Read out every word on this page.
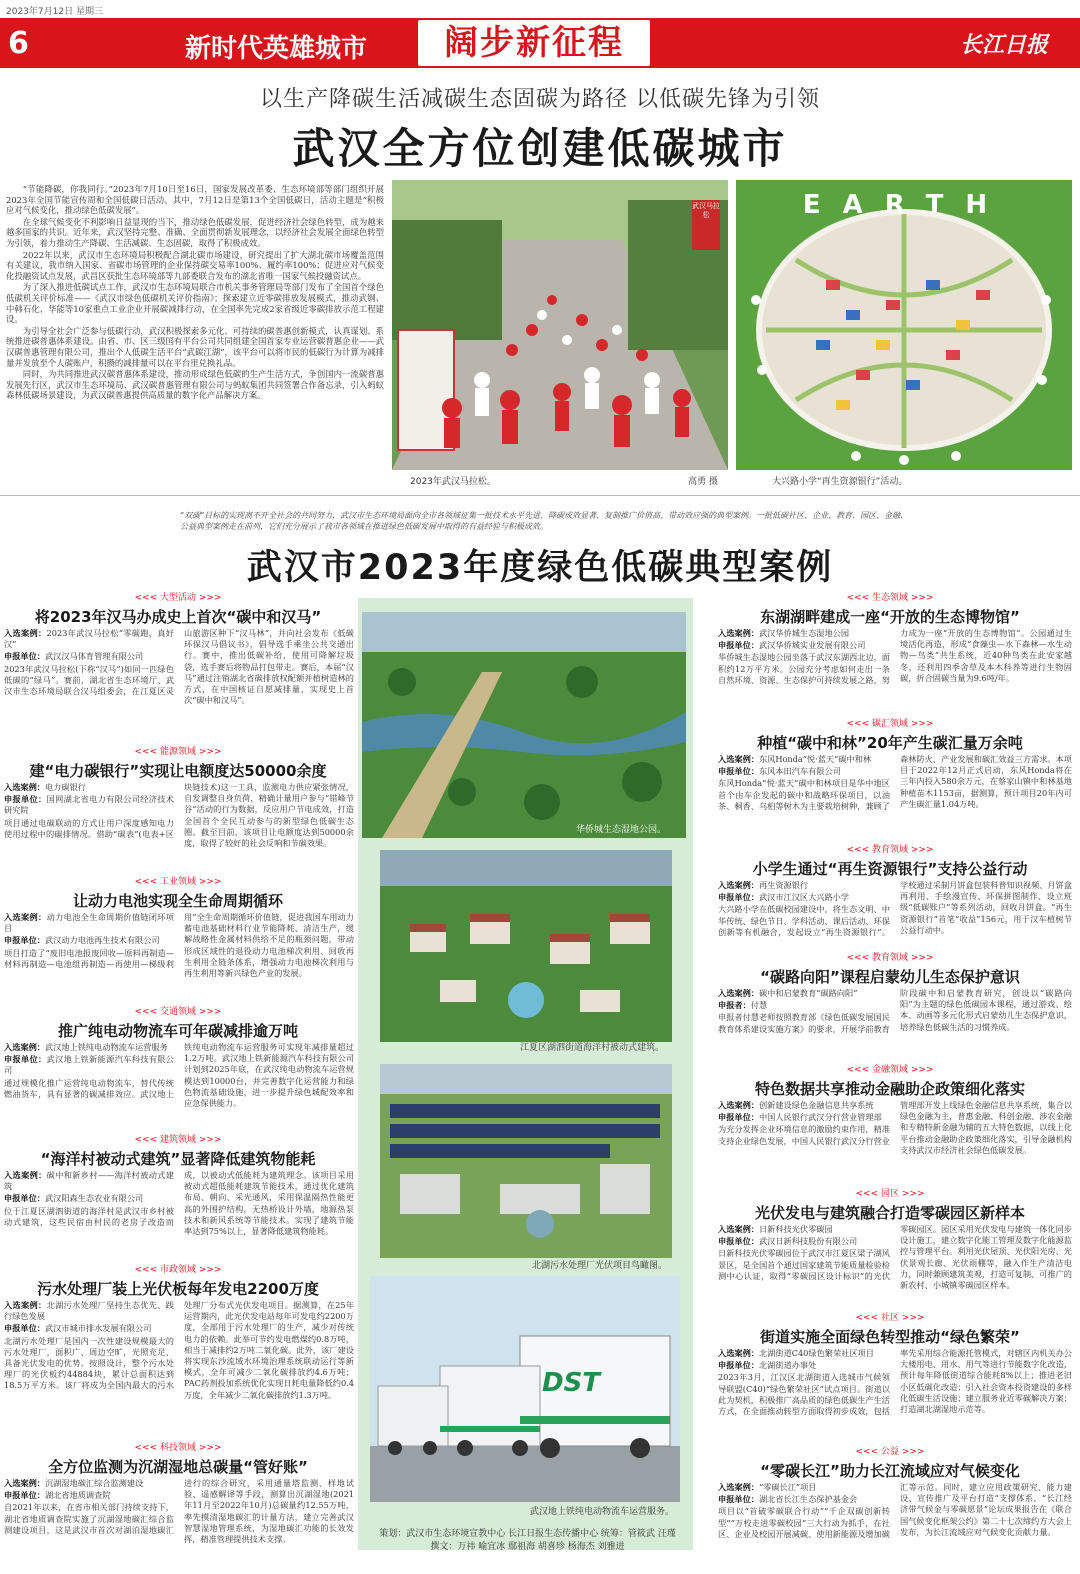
2023年7月12日 星期三
6	新时代英雄城市	阔步新征程	长江日报
以生产降碳生活减碳生态固碳为路径 以低碳先锋为引领
武汉全方位创建低碳城市

“节能降碳，你我同行。”2023年7月10日至16日，国家发展改革委、生态环境部等部门组织开展2023年全国节能宣传周和全国低碳日活动。其中，7月12日是第13个全国低碳日，活动主题是“积极应对气候变化，推动绿色低碳发展”。

在全球气候变化不利影响日益显现的当下，推动绿色低碳发展，促进经济社会绿色转型，成为越来越多国家的共识。近年来，武汉坚持完整、准确、全面贯彻新发展理念，以经济社会发展全面绿色转型为引领，着力推动生产降碳、生活减碳、生态固碳，取得了积极成效。

2022年以来，武汉市生态环境局积极配合湖北碳市场建设，研究提出了扩大湖北碳市场覆盖范围有关建议，我市纳入国家、省碳市场管理的企业保持碳交易率100%、履约率100%；促进应对气候变化投融资试点发展，武昌区获批生态环境部等九部委联合发布的湖北省唯一国家气候投融资试点。

为了深入推进低碳试点工作，武汉市生态环境局联合市机关事务管理局等部门发布了全国首个绿色低碳机关评价标准——《武汉市绿色低碳机关评价指南》；探索建立近零碳排放发展模式，推动武钢、中韩石化、华能等10家重点工业企业开展碳减排行动，在全国率先完成2家省级近零碳排放示范工程建设。

为引导全社会广泛参与低碳行动，武汉积极探索多元化、可持续的碳普惠创新模式，认真谋划、系统推进碳普惠体系建设。由省、市、区三级国有平台公司共同组建全国首家专业运营碳普惠企业——武汉碳普惠管理有限公司，推出个人低碳生活平台“武碳江湖”，该平台可以将市民的低碳行为计算为减排量并发放至个人碳账户，积攒的减排量可以在平台里兑换礼品。

同时，为共同推进武汉碳普惠体系建设，推动形成绿色低碳的生产生活方式，争创国内一流碳普惠发展先行区，武汉市生态环境局、武汉碳普惠管理有限公司与蚂蚁集团共同签署合作备忘录，引入蚂蚁森林低碳场景建设，为武汉碳普惠提供高质量的数字化产品解决方案。

武汉马拉松
2023年武汉马拉松。	高勇 摄
EARTH
大兴路小学“再生资源银行”活动。
“双碳”目标的实现离不开全社会的共同努力，武汉市生态环境局面向全市各领域征集一批技术水平先进、降碳成效显著、复制推广价值高、带动效应强的典型案例。一批低碳社区、企业、教育、园区、金融、公益典型案例走在前列，它们充分展示了我市各领域在推进绿色低碳发展中取得的有益经验与积极成效。
武汉市2023年度绿色低碳典型案例
华侨城生态湿地公园。
江夏区湖泗街道海洋村被动式建筑。
北湖污水处理厂光伏项目鸟瞰图。
DST
武汉地上铁纯电动物流车运营服务。
策划：武汉市生态环境宣教中心 长江日报生态传播中心 统筹：管筱武 汪瑾
撰文：万祎 喻宜冰 鄢祖海 胡喜珍 杨海杰 刘雅进
<<< 大型活动 >>>
将2023年汉马办成史上首次“碳中和汉马”

入选案例：2023年武汉马拉松“零碳跑，真好汉”

申报单位：武汉汉马体育管理有限公司

2023年武汉马拉松(下称“汉马”)如同一匹绿色低碳的“绿马”。赛前，湖北省生态环境厅、武汉市生态环境局联合汉马组委会，在江夏区灵山旅游区种下“汉马林”，并向社会发布《低碳环保汉马倡议书》，倡导选手乘坐公共交通出行。赛中，推出低碳补给，使用可降解垃圾袋，选手赛后将物品打包带走。赛后，本届“汉马”通过注销湖北省碳排放权配额并植树造林的方式，在中国核证自愿减排量，实现史上首次“碳中和汉马”。

<<< 能源领域 >>>
建“电力碳银行”实现让电额度达50000余度

入选案例：电力碳银行

申报单位：国网湖北省电力有限公司经济技术研究院

项目通过电碳联动的方式让用户深度感知电力使用过程中的碳排情况。借助“碳表”(电表+区块链技术)这一工具，监测电力供应紧张情况，自发调整自身负荷，精确计量用户参与“错峰节谷”活动的行为数据，反应用户节电成效，打造全国首个全民互动参与的新型绿色低碳生态圈。截至目前，该项目让电额度达到50000余度，取得了较好的社会反响和节碳效果。

<<< 工业领域 >>>
让动力电池实现全生命周期循环

入选案例：动力电池全生命周期价值链闭环项目

申报单位：武汉动力电池再生技术有限公司

项目打造了“废旧电池报废回收—原料再制造—材料再制造—电池组再制造—再使用—梯级利用”全生命周期循环价值链，促进我国车用动力蓄电池基础材料行业节能降耗、清洁生产，缓解战略性金属材料供给不足的瓶颈问题，带动形成区域性的退役动力电池梯次利用、回收再生利用全链条体系，增强动力电池梯次利用与再生利用等新兴绿色产业的发展。

<<< 交通领域 >>>
推广纯电动物流车可年碳减排逾万吨

入选案例：武汉地上铁纯电动物流车运营服务

申报单位：武汉地上铁新能源汽车科技有限公司

通过规模化推广运营纯电动物流车，替代传统燃油货车，具有显著的碳减排效应。武汉地上铁纯电动物流车运营服务可实现年减排量超过1.2万吨。武汉地上铁新能源汽车科技有限公司计划到2025年底，在武汉纯电动物流车运营规模达到10000台，并完善数字化运营能力和绿色物流基础设施，进一步提升绿色城配效率和应急保供能力。

<<< 建筑领域 >>>
“海洋村被动式建筑”显著降低建筑物能耗

入选案例：碳中和新乡村——海洋村被动式建筑

申报单位：武汉阳森生态农业有限公司

位于江夏区湖泗街道的海洋村是武汉市乡村被动式建筑，这些民宿由村民的老房子改造而成，以被动式低能耗为建筑理念。该项目采用被动式超低能耗建筑节能技术，通过优化建筑布局、朝向、采光通风，采用保温隔热性能更高的外围护结构，无热桥设计外墙，地源热泵技术和新风系统等节能技术。实现了建筑节能率达到75%以上，显著降低建筑物能耗。

<<< 市政领域 >>>
污水处理厂装上光伏板每年发电2200万度

入选案例：北湖污水处理厂坚持生态优先、践行绿色发展

申报单位：武汉市城市排水发展有限公司

北湖污水处理厂是国内一次性建设规模最大的污水处理厂，面积广、周边空旷，光照充足，具备光伏发电的优势。按照设计，整个污水处理厂的光伏板约44884块，累计总面积达到18.5万平方米。该厂将成为全国内最大的污水处理厂分布式光伏发电项目。据测算，在25年运营期内，此光伏发电站每年可发电约2200万度，全部用于污水处理厂的生产，减少对传统电力的依赖。此举可节约发电燃煤约0.8万吨，相当于减排约2万吨二氧化碳。此外，该厂建设将实现东沙流域水环境治理系统联动运行等新模式，全年可减少二氧化碳排放约4.6万吨；PAC药剂投加系统优化实现日耗电量降低约0.4万度，全年减少二氧化碳排放约1.3万吨。

<<< 科技领域 >>>
全方位监测为沉湖湿地总碳量“管好账”

入选案例：沉湖湿地碳汇综合监测建设

申报单位：湖北省地质调查院

自2021年以来，在省市相关部门持续支持下，湖北省地质调查院实施了沉湖湿地碳汇综合监测建设项目，这是武汉市首次对湖泊湿地碳汇进行的综合研究，采用通量塔监测、样地试验、遥感解译等手段，测算出沉湖湿地(2021年11月至2022年10月)总碳量约12.55万吨，率先摸清湿地碳汇的计量方法，建立完善武汉智慧湿地管理系统，为湿地碳汇功能的长效发挥，精准管理提供技术支撑。

<<< 生态领域 >>>
东湖湖畔建成一座“开放的生态博物馆”

入选案例：武汉华侨城生态湿地公园

申报单位：武汉华侨城实业发展有限公司

华侨城生态湿地公园坐落于武汉东湖西北边，面积约12万平方米。公园充分考虑如何走出一条自然环境、资源、生态保护可持续发展之路，努力成为一座“开放的生态博物馆”。公园通过生境活化再造，形成“食藻虫—水下森林—水生动物—鸟类”共生系统，近40种鸟类在此安家越冬，还利用四季舍草及本木科养等进行生物固碳，折合固碳当量为9.6吨/年。

<<< 碳汇领域 >>>
种植“碳中和林”20年产生碳汇量万余吨

入选案例：东风Honda“悦·蓝天”碳中和林

申报单位：东风本田汽车有限公司

东风Honda“悦·蓝天”碳中和林项目是华中地区首个由车企发起的碳中和战略环保项目，以油茶、桐香、乌桕等树木为主要栽培树种，兼顾了森林防火、产业发展和碳汇效益三方需求。本项目于2022年12月正式启动，东风Honda将在三年内投入580余万元，在蔡家山镇中和林基地种植苗木1153亩，据测算，预计项目20年内可产生碳汇量1.04万吨。

<<< 教育领域 >>>
小学生通过“再生资源银行”支持公益行动

入选案例：再生资源银行

申报单位：武汉市江汉区大兴路小学

大兴路小学在低碳校园建设中，将生态文明、中华传统、绿色节日、学科活动、课后活动、环保创新等有机融合，发起设立“再生资源银行”。学校通过采制月饼盒包装科普知识视频、月饼盒再利用、手绘漫宣传、环保拼图制作、设立班级“低碳账户”等系列活动，回收月饼盒。“再生资源银行”首笔“收益”156元，用于汉车植树节公益行动中。

<<< 教育领域 >>>
“碳路向阳”课程启蒙幼儿生态保护意识

入选案例：碳中和启蒙教育“碳路向阳”

申报者：付慧

申报者付慧老师按照教育部《绿色低碳发展国民教育体系建设实施方案》的要求，开展学前教育阶段碳中和启蒙教育研究，创设以“碳路向阳”为主题的绿色低碳园本课程，通过游戏、绘本、动画等多元化形式启蒙幼儿生态保护意识，培养绿色低碳生活的习惯养成。

<<< 金融领域 >>>
特色数据共享推动金融助企政策细化落实

入选案例：创新建设绿色金融信息共享系统

申报单位：中国人民银行武汉分行营业管理部

为充分发挥企业环境信息的激励约束作用，精准支持企业绿色发展，中国人民银行武汉分行营业管理部开发上线绿色金融信息共享系统，集合以绿色金融为主，普惠金融、科创金融、涉农金融和专精特新金融为辅的五大特色数据，以线上化平台推动金融助企政策细化落实，引导金融机构支持武汉市经济社会绿色低碳发展。

<<< 园区 >>>
光伏发电与建筑融合打造零碳园区新样本

入选案例：日新科技光伏零碳园

申报单位：武汉日新科技股份有限公司

日新科技光伏零碳园位于武汉市江夏区梁子湖风景区，是全国首个通过国家建筑节能质量检验检测中心认证，取得“零碳园区设计标识”的光伏零碳园区。园区采用光伏发电与建筑一体化同步设计施工，建立数字化能工管理及数字化能源监控与管理平台。利用光伏屋顶、光伏阳光房、光伏景观长廊、光伏雨棚等，融入作生产清洁电力，同时兼顾建筑美观，打造可复制、可推广的新农村、小城镇零碳园区样本。

<<< 社区 >>>
街道实施全面绿色转型推动“绿色繁荣”

入选案例：北湖街道C40绿色繁荣社区项目

申报单位：北湖街道办事处

2023年3月，江汉区北湖街道入选城市气候领导联盟(C40)“绿色繁荣社区”试点项目。街道以此为契机，积极推广高品质的绿色低碳生产生活方式，在全面推动转型方面取得初步成效，包括率先采用综合能源托管模式，对辖区内机关办公大楼用电、用水、用气等进行节能数字化改造，预计每年降低街道综合能耗8%以上；推进老旧小区低碳化改造；引入社会资本投资建设的多样化低碳生活设施；建立服务业近零碳解决方案；打造湖北湖湿地示范等。

<<< 公益 >>>
“零碳长江”助力长江流域应对气候变化

入选案例：“零碳长江”项目

申报单位：湖北省长江生态保护基金会

项目以“首破零碳联合行动”“千企双碳创新转型”“万校走进零碳校园”三大行动为抓手，在社区、企业及校园开展减碳、使用新能源及增加碳汇等示范。同时，建立应用政策研究、能力建设、宣传推广及平台打造“支撑体系，“长江经济带气候金与零碳愿景”论坛成果报告在《联合国气候变化框架公约》第二十七次缔约方大会上发布，为长江流域应对气候变化贡献力量。
